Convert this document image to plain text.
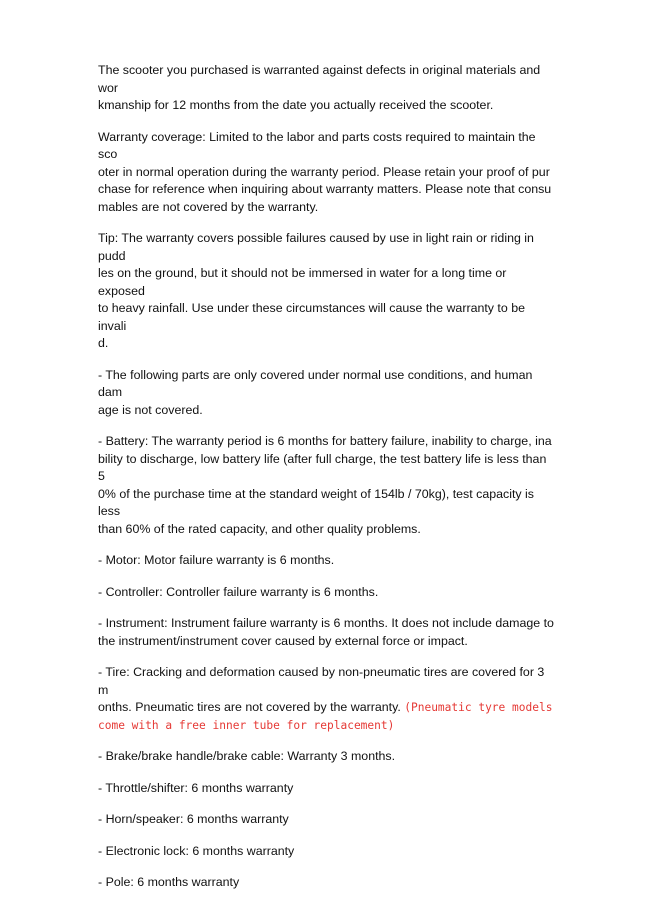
The scooter you purchased is warranted against defects in original materials and wor
kmanship for 12 months from the date you actually received the scooter.

Warranty coverage: Limited to the labor and parts costs required to maintain the sco
oter in normal operation during the warranty period. Please retain your proof of pur
chase for reference when inquiring about warranty matters. Please note that consu
mables are not covered by the warranty.

Tip: The warranty covers possible failures caused by use in light rain or riding in pudd
les on the ground, but it should not be immersed in water for a long time or exposed
to heavy rainfall. Use under these circumstances will cause the warranty to be invali
d.

- The following parts are only covered under normal use conditions, and human dam
age is not covered.

- Battery: The warranty period is 6 months for battery failure, inability to charge, ina
bility to discharge, low battery life (after full charge, the test battery life is less than 5
0% of the purchase time at the standard weight of 154lb / 70kg), test capacity is less
than 60% of the rated capacity, and other quality problems.

- Motor: Motor failure warranty is 6 months.

- Controller: Controller failure warranty is 6 months.

- Instrument: Instrument failure warranty is 6 months. It does not include damage to
the instrument/instrument cover caused by external force or impact.

- Tire: Cracking and deformation caused by non-pneumatic tires are covered for 3 m
onths. Pneumatic tires are not covered by the warranty. (Pneumatic tyre models
come with a free inner tube for replacement)

- Brake/brake handle/brake cable: Warranty 3 months.

- Throttle/shifter: 6 months warranty

- Horn/speaker: 6 months warranty

- Electronic lock: 6 months warranty

- Pole: 6 months warranty
